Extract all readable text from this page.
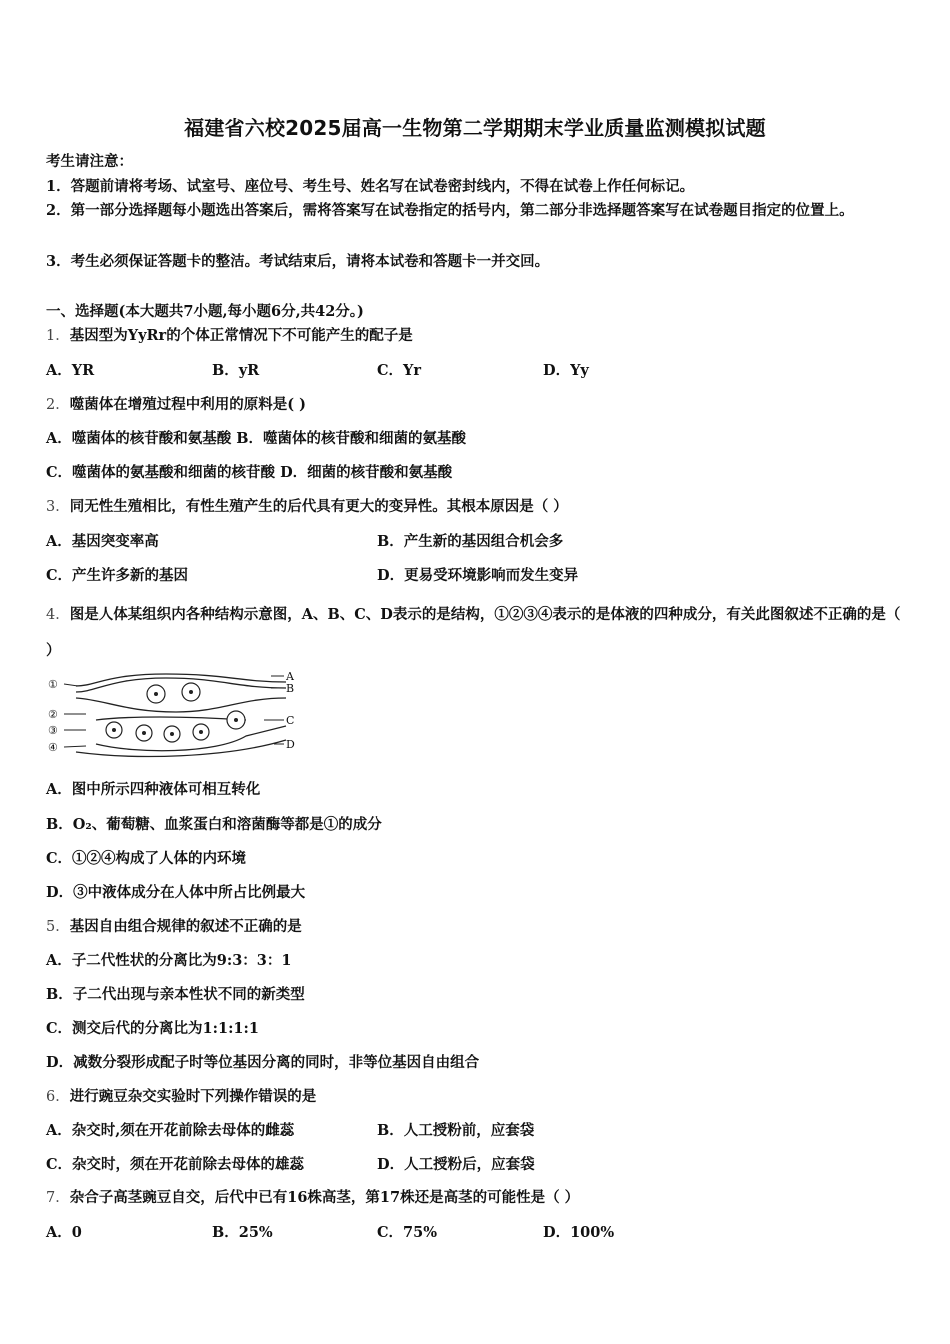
福建省六校2025届高一生物第二学期期末学业质量监测模拟试题
考生请注意：
1．答题前请将考场、试室号、座位号、考生号、姓名写在试卷密封线内，不得在试卷上作任何标记。
2．第一部分选择题每小题选出答案后，需将答案写在试卷指定的括号内，第二部分非选择题答案写在试卷题目指定的位置上。
3．考生必须保证答题卡的整洁。考试结束后，请将本试卷和答题卡一并交回。
一、选择题(本大题共7小题,每小题6分,共42分。)
1．基因型为YyRr的个体正常情况下不可能产生的配子是
A．YR	B．yR	C．Yr	D．Yy
2．噬菌体在增殖过程中利用的原料是( )
A．噬菌体的核苷酸和氨基酸 B．噬菌体的核苷酸和细菌的氨基酸
C．噬菌体的氨基酸和细菌的核苷酸 D．细菌的核苷酸和氨基酸
3．同无性生殖相比，有性生殖产生的后代具有更大的变异性。其根本原因是（ ）
A．基因突变率高	B．产生新的基因组合机会多
C．产生许多新的基因	D．更易受环境影响而发生变异
4．图是人体某组织内各种结构示意图，A、B、C、D表示的是结构，①②③④表示的是体液的四种成分，有关此图叙述不正确的是（ ）
①
②
③
④
A
B
C
D
A．图中所示四种液体可相互转化
B．O₂、葡萄糖、血浆蛋白和溶菌酶等都是①的成分
C．①②④构成了人体的内环境
D．③中液体成分在人体中所占比例最大
5．基因自由组合规律的叙述不正确的是
A．子二代性状的分离比为9:3：3：1
B．子二代出现与亲本性状不同的新类型
C．测交后代的分离比为1:1:1:1
D．减数分裂形成配子时等位基因分离的同时，非等位基因自由组合
6．进行豌豆杂交实验时下列操作错误的是
A．杂交时,须在开花前除去母体的雌蕊	B．人工授粉前，应套袋
C．杂交时，须在开花前除去母体的雄蕊	D．人工授粉后，应套袋
7．杂合子高茎豌豆自交，后代中已有16株高茎，第17株还是高茎的可能性是（ ）
A．0	B．25%	C．75%	D．100%
